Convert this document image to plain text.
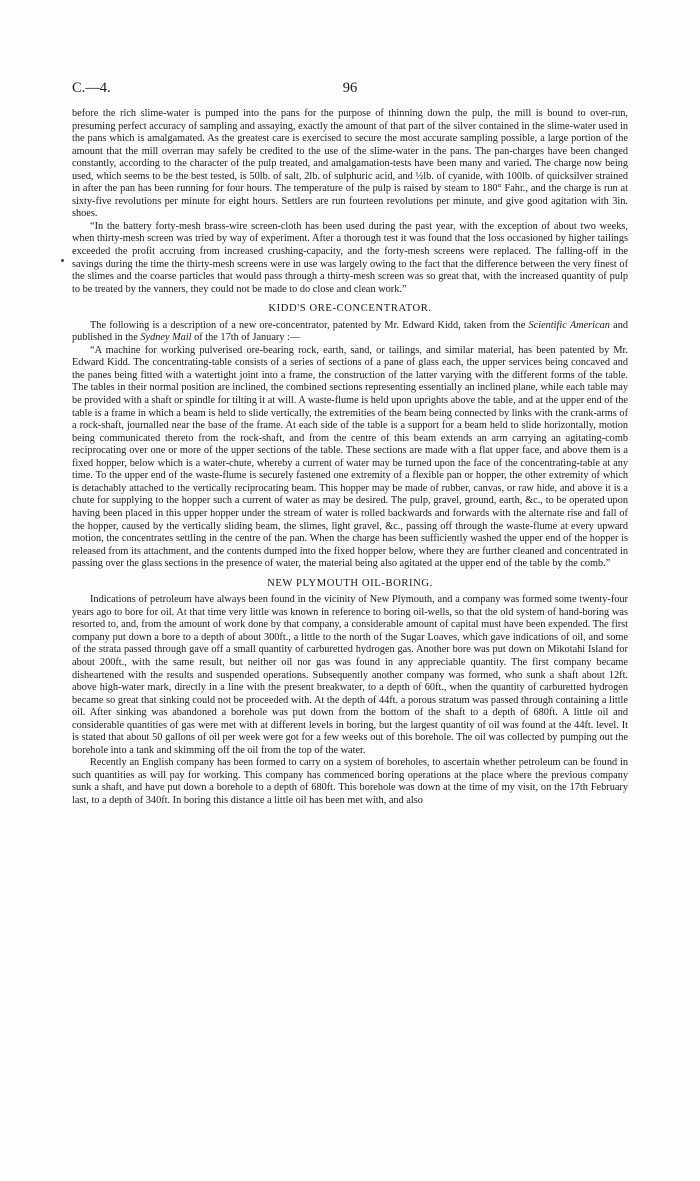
C.—4.	96

before the rich slime-water is pumped into the pans for the purpose of thinning down the pulp, the mill is bound to over-run, presuming perfect accuracy of sampling and assaying, exactly the amount of that part of the silver contained in the slime-water used in the pans which is amalgamated. As the greatest care is exercised to secure the most accurate sampling possible, a large portion of the amount that the mill overran may safely be credited to the use of the slime-water in the pans. The pan-charges have been changed constantly, according to the character of the pulp treated, and amalgamation-tests have been many and varied. The charge now being used, which seems to be the best tested, is 50lb. of salt, 2lb. of sulphuric acid, and ½lb. of cyanide, with 100lb. of quicksilver strained in after the pan has been running for four hours. The temperature of the pulp is raised by steam to 180° Fahr., and the charge is run at sixty-five revolutions per minute for eight hours. Settlers are run fourteen revolutions per minute, and give good agitation with 3in. shoes.

“In the battery forty-mesh brass-wire screen-cloth has been used during the past year, with the exception of about two weeks, when thirty-mesh screen was tried by way of experiment. After a thorough test it was found that the loss occasioned by higher tailings exceeded the profit accruing from increased crushing-capacity, and the forty-mesh screens were replaced. The falling-off in the savings during the time the thirty-mesh screens were in use was largely owing to the fact that the difference between the very finest of the slimes and the coarse particles that would pass through a thirty-mesh screen was so great that, with the increased quantity of pulp to be treated by the vanners, they could not be made to do close and clean work.”

KIDD'S ORE-CONCENTRATOR.

The following is a description of a new ore-concentrator, patented by Mr. Edward Kidd, taken from the Scientific American and published in the Sydney Mail of the 17th of January :—

“A machine for working pulverised ore-bearing rock, earth, sand, or tailings, and similar material, has been patented by Mr. Edward Kidd. The concentrating-table consists of a series of sections of a pane of glass each, the upper services being concaved and the panes being fitted with a watertight joint into a frame, the construction of the latter varying with the different forms of the table. The tables in their normal position are inclined, the combined sections representing essentially an inclined plane, while each table may be provided with a shaft or spindle for tilting it at will. A waste-flume is held upon uprights above the table, and at the upper end of the table is a frame in which a beam is held to slide vertically, the extremities of the beam being connected by links with the crank-arms of a rock-shaft, journalled near the base of the frame. At each side of the table is a support for a beam held to slide horizontally, motion being communicated thereto from the rock-shaft, and from the centre of this beam extends an arm carrying an agitating-comb reciprocating over one or more of the upper sections of the table. These sections are made with a flat upper face, and above them is a fixed hopper, below which is a water-chute, whereby a current of water may be turned upon the face of the concentrating-table at any time. To the upper end of the waste-flume is securely fastened one extremity of a flexible pan or hopper, the other extremity of which is detachably attached to the vertically reciprocating beam. This hopper may be made of rubber, canvas, or raw hide, and above it is a chute for supplying to the hopper such a current of water as may be desired. The pulp, gravel, ground, earth, &c., to be operated upon having been placed in this upper hopper under the stream of water is rolled backwards and forwards with the alternate rise and fall of the hopper, caused by the vertically sliding beam, the slimes, light gravel, &c., passing off through the waste-flume at every upward motion, the concentrates settling in the centre of the pan. When the charge has been sufficiently washed the upper end of the hopper is released from its attachment, and the contents dumped into the fixed hopper below, where they are further cleaned and concentrated in passing over the glass sections in the presence of water, the material being also agitated at the upper end of the table by the comb.”

NEW PLYMOUTH OIL-BORING.

Indications of petroleum have always been found in the vicinity of New Plymouth, and a company was formed some twenty-four years ago to bore for oil. At that time very little was known in reference to boring oil-wells, so that the old system of hand-boring was resorted to, and, from the amount of work done by that company, a considerable amount of capital must have been expended. The first company put down a bore to a depth of about 300ft., a little to the north of the Sugar Loaves, which gave indications of oil, and some of the strata passed through gave off a small quantity of carburetted hydrogen gas. Another bore was put down on Mikotahi Island for about 200ft., with the same result, but neither oil nor gas was found in any appreciable quantity. The first company became disheartened with the results and suspended operations. Subsequently another company was formed, who sunk a shaft about 12ft. above high-water mark, directly in a line with the present breakwater, to a depth of 60ft., when the quantity of carburetted hydrogen became so great that sinking could not be proceeded with. At the depth of 44ft. a porous stratum was passed through containing a little oil. After sinking was abandoned a borehole was put down from the bottom of the shaft to a depth of 680ft. A little oil and considerable quantities of gas were met with at different levels in boring, but the largest quantity of oil was found at the 44ft. level. It is stated that about 50 gallons of oil per week were got for a few weeks out of this borehole. The oil was collected by pumping out the borehole into a tank and skimming off the oil from the top of the water.

Recently an English company has been formed to carry on a system of boreholes, to ascertain whether petroleum can be found in such quantities as will pay for working. This company has commenced boring operations at the place where the previous company sunk a shaft, and have put down a borehole to a depth of 680ft. This borehole was down at the time of my visit, on the 17th February last, to a depth of 340ft. In boring this distance a little oil has been met with, and also
